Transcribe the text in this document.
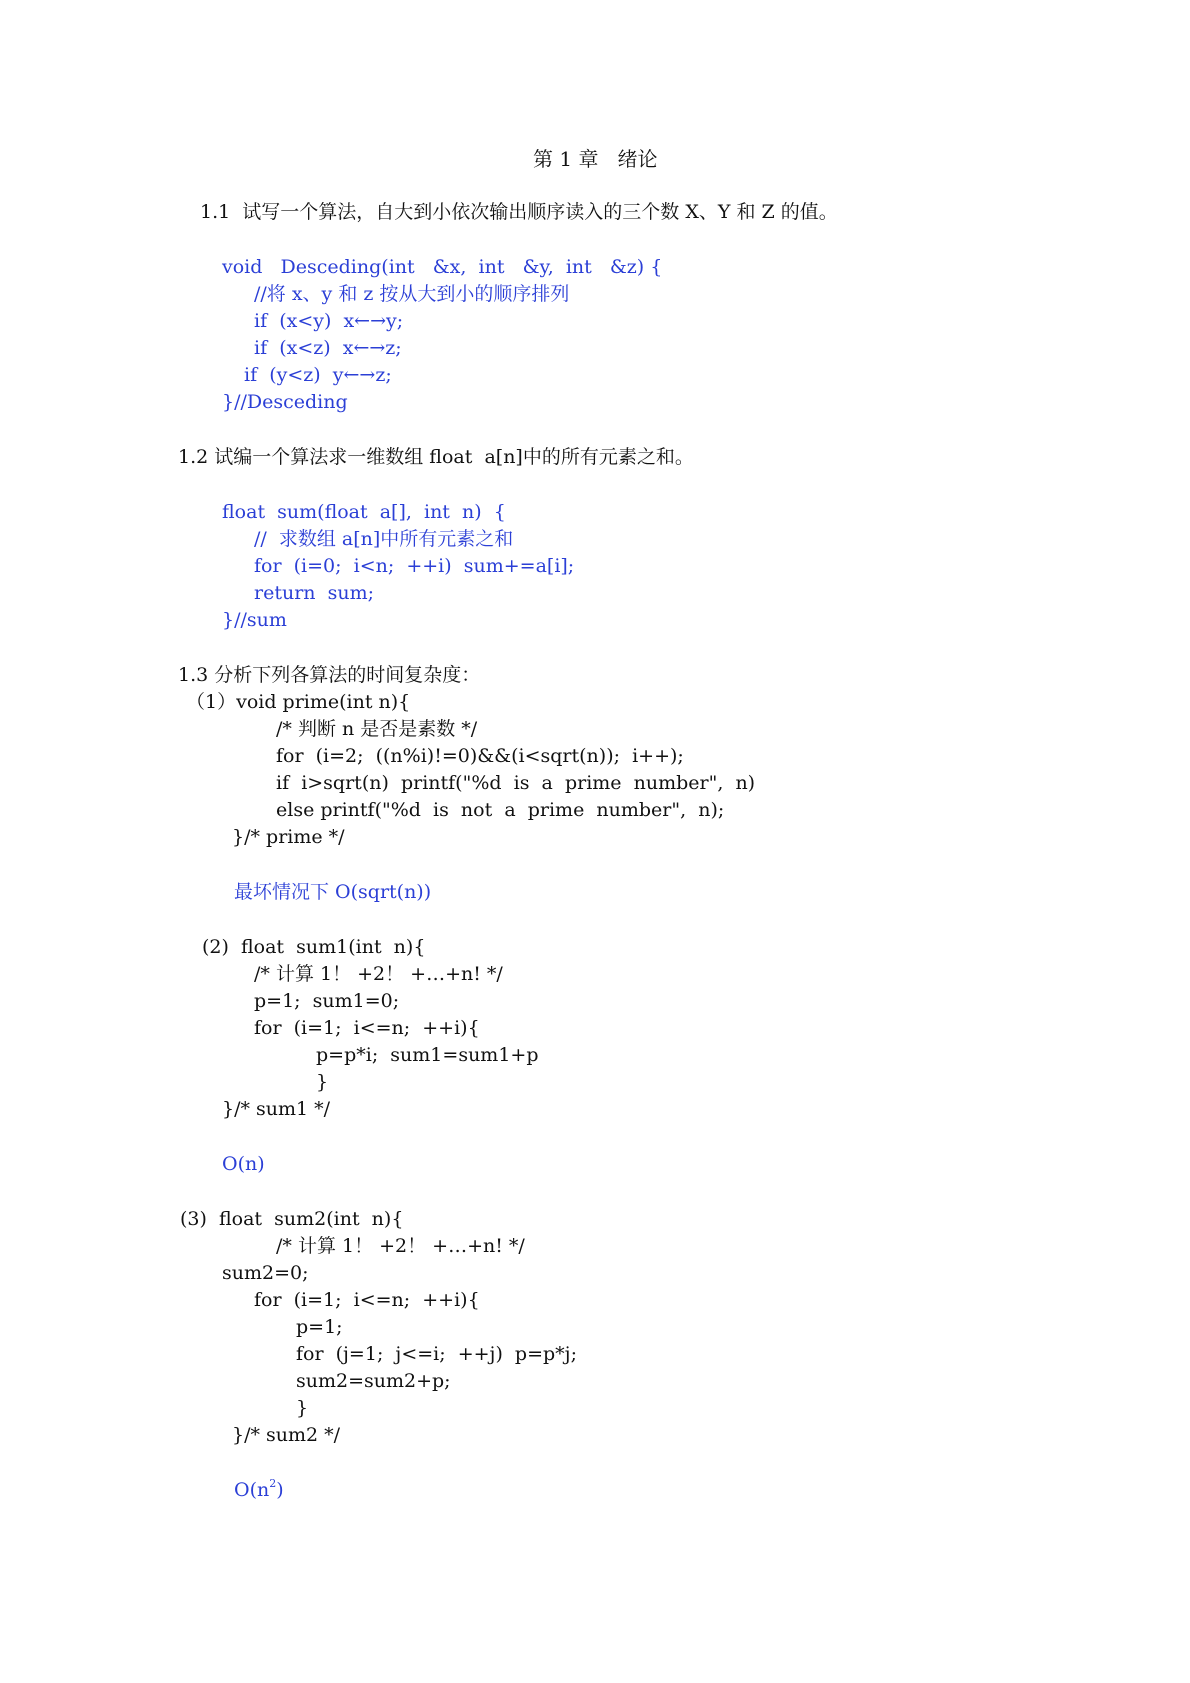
第 1 章   绪论
1.1  试写一个算法，自大到小依次输出顺序读入的三个数 X、Y 和 Z 的值。
void   Desceding(int   &x,  int   &y,  int   &z) {
//将 x、y 和 z 按从大到小的顺序排列
if  (x<y)  x←→y;
if  (x<z)  x←→z;
if  (y<z)  y←→z;
}//Desceding
1.2 试编一个算法求一维数组 float  a[n]中的所有元素之和。
float  sum(float  a[],  int  n)  {
//  求数组 a[n]中所有元素之和
for  (i=0;  i<n;  ++i)  sum+=a[i];
return  sum;
}//sum
1.3 分析下列各算法的时间复杂度：
（1）void prime(int n){
/* 判断 n 是否是素数 */
for  (i=2;  ((n%i)!=0)&&(i<sqrt(n));  i++);
if  i>sqrt(n)  printf("%d  is  a  prime  number",  n)
else printf("%d  is  not  a  prime  number",  n);
}/* prime */
最坏情况下 O(sqrt(n))
(2)  float  sum1(int  n){
/* 计算 1！ +2！ +…+n! */
p=1;  sum1=0;
for  (i=1;  i<=n;  ++i){
p=p*i;  sum1=sum1+p
}
}/* sum1 */
O(n)
(3)  float  sum2(int  n){
/* 计算 1！ +2！ +…+n! */
sum2=0;
for  (i=1;  i<=n;  ++i){
p=1;
for  (j=1;  j<=i;  ++j)  p=p*j;
sum2=sum2+p;
}
}/* sum2 */
$O(n^2)$
